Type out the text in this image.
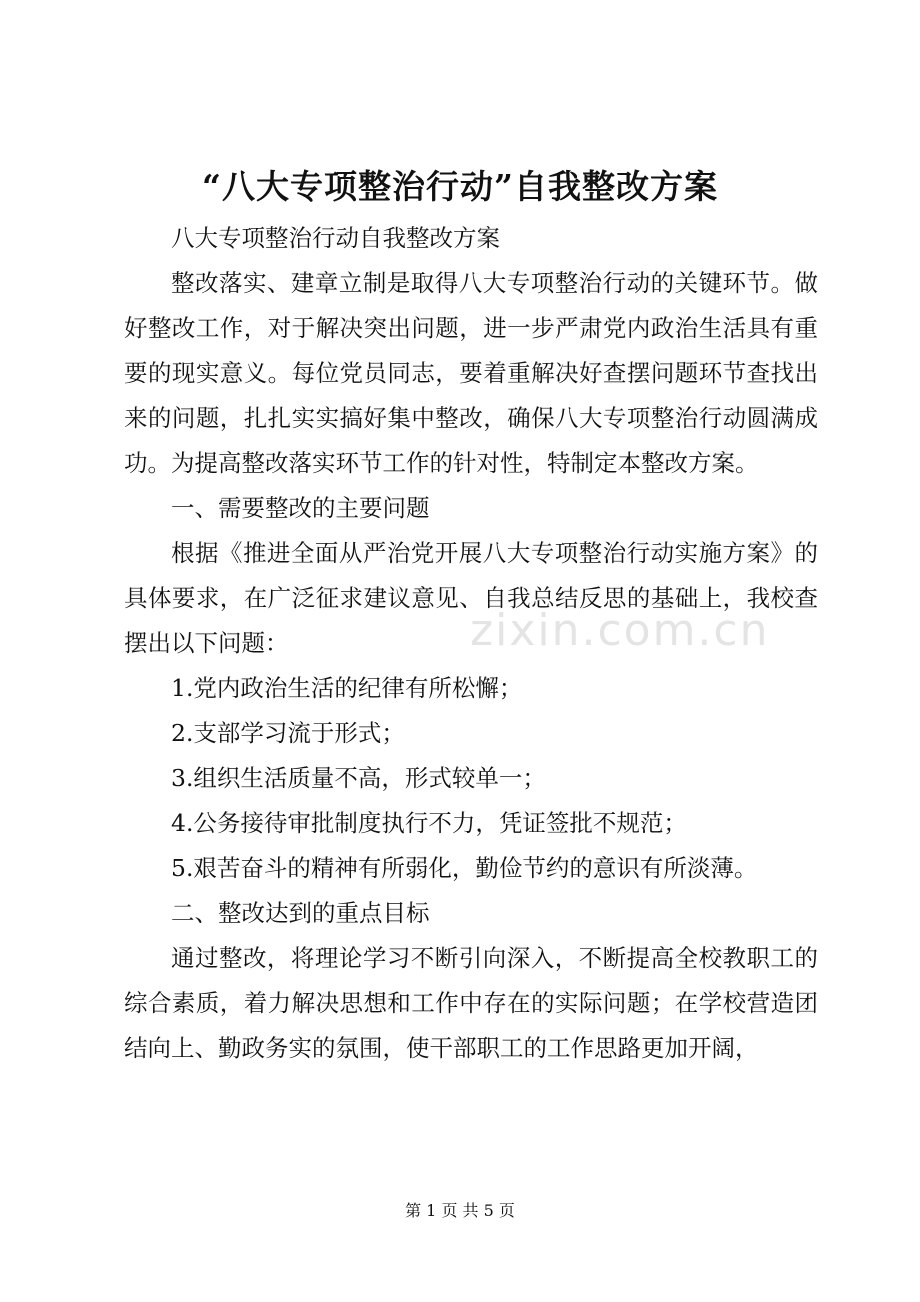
“八大专项整治行动”自我整改方案

八大专项整治行动自我整改方案

整改落实、建章立制是取得八大专项整治行动的关键环节。做好整改工作，对于解决突出问题，进一步严肃党内政治生活具有重要的现实意义。每位党员同志，要着重解决好查摆问题环节查找出来的问题，扎扎实实搞好集中整改，确保八大专项整治行动圆满成功。为提高整改落实环节工作的针对性，特制定本整改方案。

一、需要整改的主要问题

根据《推进全面从严治党开展八大专项整治行动实施方案》的具体要求，在广泛征求建议意见、自我总结反思的基础上，我校查摆出以下问题：

1.党内政治生活的纪律有所松懈；

2.支部学习流于形式；

3.组织生活质量不高，形式较单一；

4.公务接待审批制度执行不力，凭证签批不规范；

5.艰苦奋斗的精神有所弱化，勤俭节约的意识有所淡薄。

二、整改达到的重点目标

通过整改，将理论学习不断引向深入，不断提高全校教职工的综合素质，着力解决思想和工作中存在的实际问题；在学校营造团结向上、勤政务实的氛围，使干部职工的工作思路更加开阔，

zixin.com.cn
第 1 页 共 5 页
